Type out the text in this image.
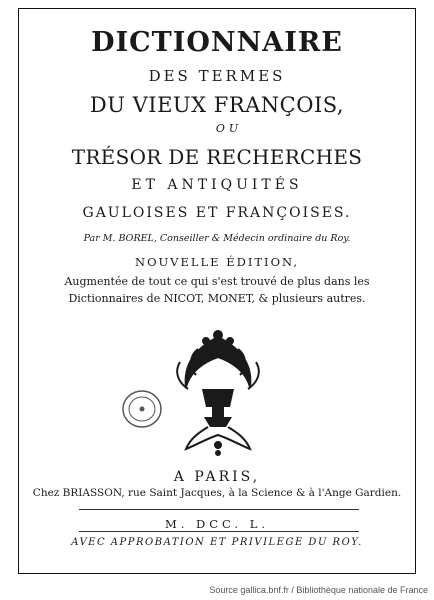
DICTIONNAIRE
DES TERMES
DU VIEUX FRANÇOIS,
OU
TRÉSOR DE RECHERCHES
ET ANTIQUITÉS
GAULOISES ET FRANÇOISES.
Par M. BOREL, Conseiller & Médecin ordinaire du Roy.
NOUVELLE ÉDITION,
Augmentée de tout ce qui s'est trouvé de plus dans les
Dictionnaires de NICOT, MONET, & plusieurs autres.
A PARIS,
Chez BRIASSON, rue Saint Jacques, à la Science & à l'Ange Gardien.
M. DCC. L.
AVEC APPROBATION ET PRIVILEGE DU ROY.
Source gallica.bnf.fr / Bibliothèque nationale de France
